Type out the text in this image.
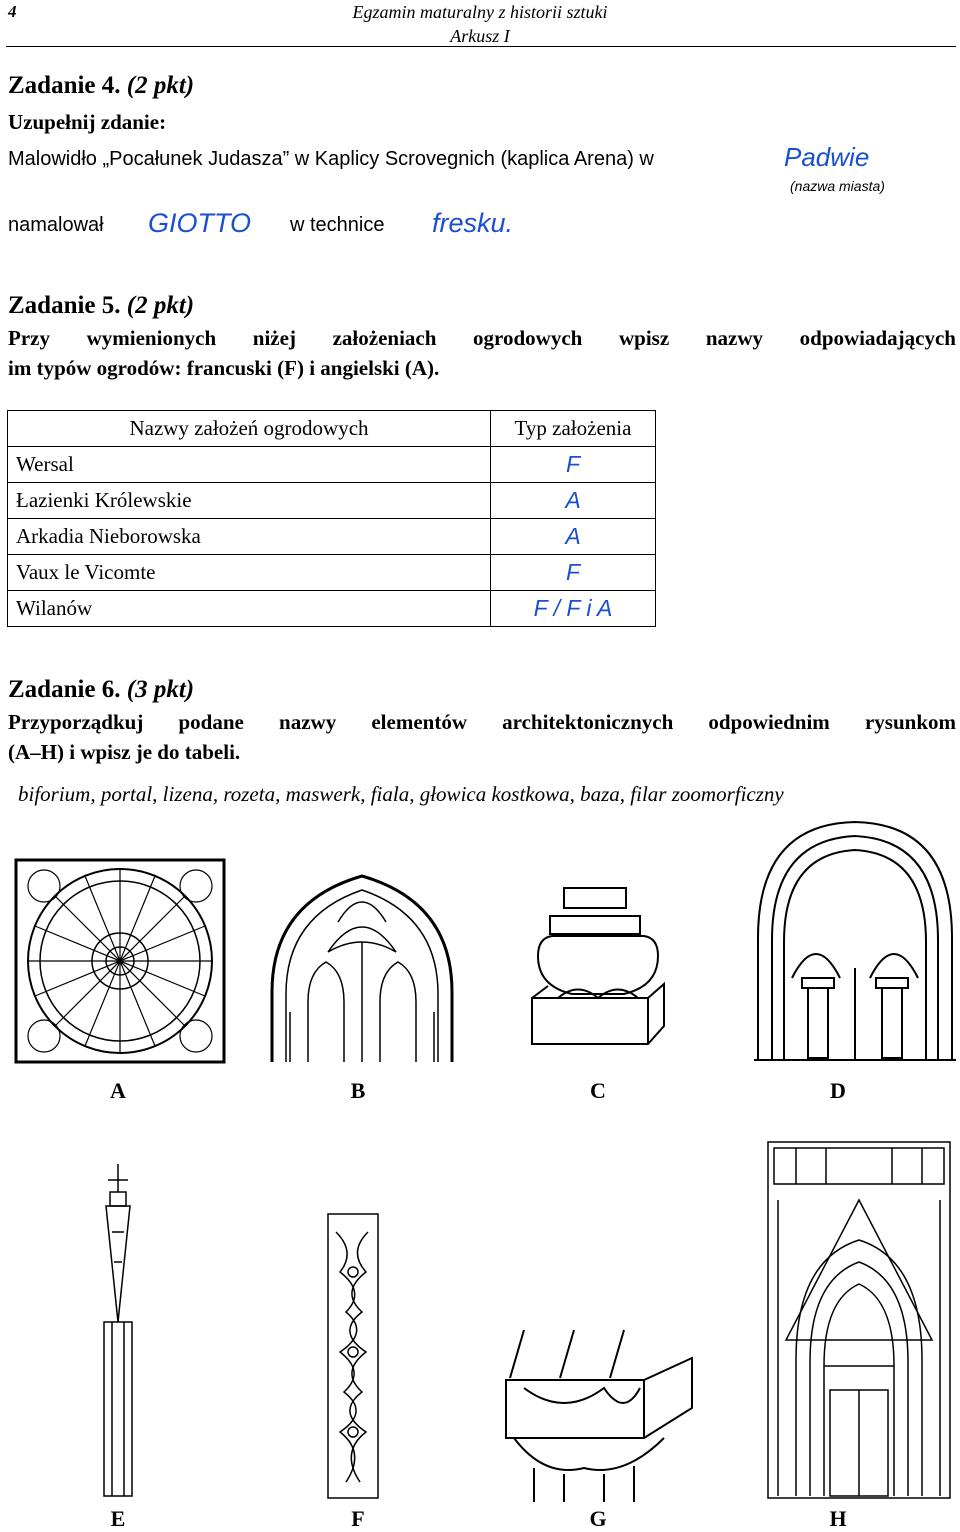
4	Egzamin maturalny z historii sztuki
Arkusz I
Zadanie 4. (2 pkt)
Uzupełnij zdanie:
Malowidło „Pocałunek Judasza” w Kaplicy Scrovegnich (kaplica Arena) w	Padwie
(nazwa miasta)
namalował GIOTTO w technice fresku.
Zadanie 5. (2 pkt)
Przy wymienionych niżej założeniach ogrodowych wpisz nazwy odpowiadających
im typów ogrodów: francuski (F) i angielski (A).
Nazwy założeń ogrodowych	Typ założenia
Wersal	F
Łazienki Królewskie	A
Arkadia Nieborowska	A
Vaux le Vicomte	F
Wilanów	F / F i A
Zadanie 6. (3 pkt)
Przyporządkuj podane nazwy elementów architektonicznych odpowiednim rysunkom
(A–H) i wpisz je do tabeli.
biforium, portal, lizena, rozeta, maswerk, fiala, głowica kostkowa, baza, filar zoomorficzny
A	B	C	D
E	F	G	H
